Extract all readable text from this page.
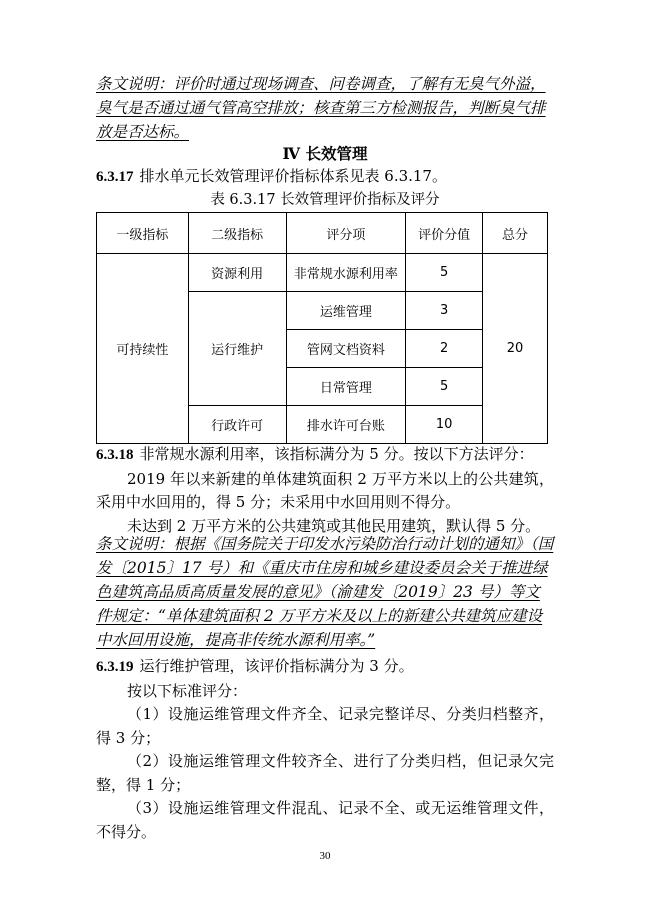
条文说明：评价时通过现场调查、问卷调查，了解有无臭气外溢，臭气是否通过通气管高空排放；核查第三方检测报告，判断臭气排放是否达标。
Ⅳ 长效管理
6.3.17 排水单元长效管理评价指标体系见表 6.3.17。
表 6.3.17 长效管理评价指标及评分
一级指标	二级指标	评分项	评价分值	总分
可持续性	资源利用	非常规水源利用率	5	20
	运行维护	运维管理	3	
		管网文档资料	2	
		日常管理	5	
	行政许可	排水许可台账	10	
6.3.18 非常规水源利用率，该指标满分为 5 分。按以下方法评分：
2019 年以来新建的单体建筑面积 2 万平方米以上的公共建筑，采用中水回用的，得 5 分；未采用中水回用则不得分。
未达到 2 万平方米的公共建筑或其他民用建筑，默认得 5 分。
条文说明：根据《国务院关于印发水污染防治行动计划的通知》（国发〔2015〕17 号）和《重庆市住房和城乡建设委员会关于推进绿色建筑高品质高质量发展的意见》（渝建发〔2019〕23 号）等文件规定：“单体建筑面积 2 万平方米及以上的新建公共建筑应建设中水回用设施，提高非传统水源利用率。”
6.3.19 运行维护管理，该评价指标满分为 3 分。
按以下标准评分：
（1）设施运维管理文件齐全、记录完整详尽、分类归档整齐，得 3 分；
（2）设施运维管理文件较齐全、进行了分类归档，但记录欠完整，得 1 分；
（3）设施运维管理文件混乱、记录不全、或无运维管理文件，不得分。
30
